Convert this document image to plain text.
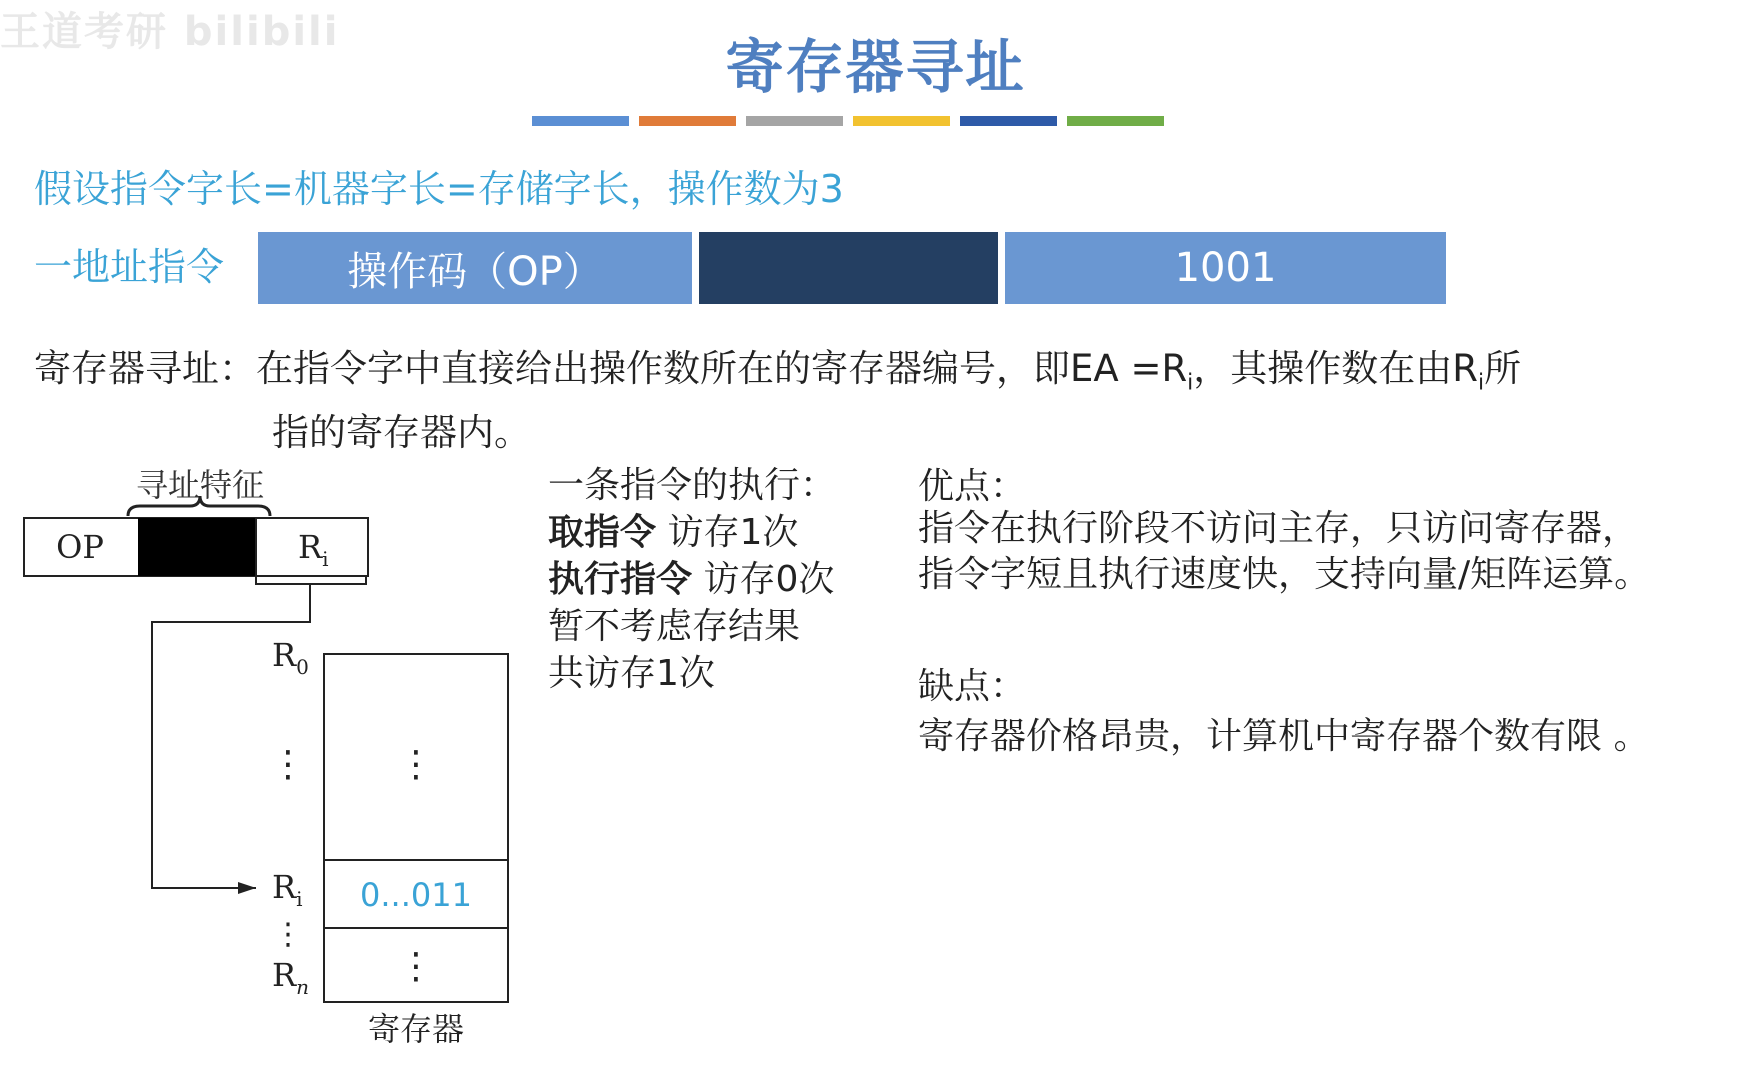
王道考研 bilibili
寄存器寻址
假设指令字长=机器字长=存储字长，操作数为3
一地址指令	操作码（OP）	1001
寄存器寻址：在指令字中直接给出操作数所在的寄存器编号，即EA $=R_i$，其操作数在由$R_i$所
指的寄存器内。
寻址特征
OP	$R_i$
0...011
⋮
⋮
$R_0$
⋮
$R_i$
⋮
$R_n$
寄存器
一条指令的执行：
取指令 访存1次
执行指令 访存0次
暂不考虑存结果
共访存1次
优点：
指令在执行阶段不访问主存，只访问寄存器，
指令字短且执行速度快，支持向量/矩阵运算。
缺点：
寄存器价格昂贵，计算机中寄存器个数有限 。
